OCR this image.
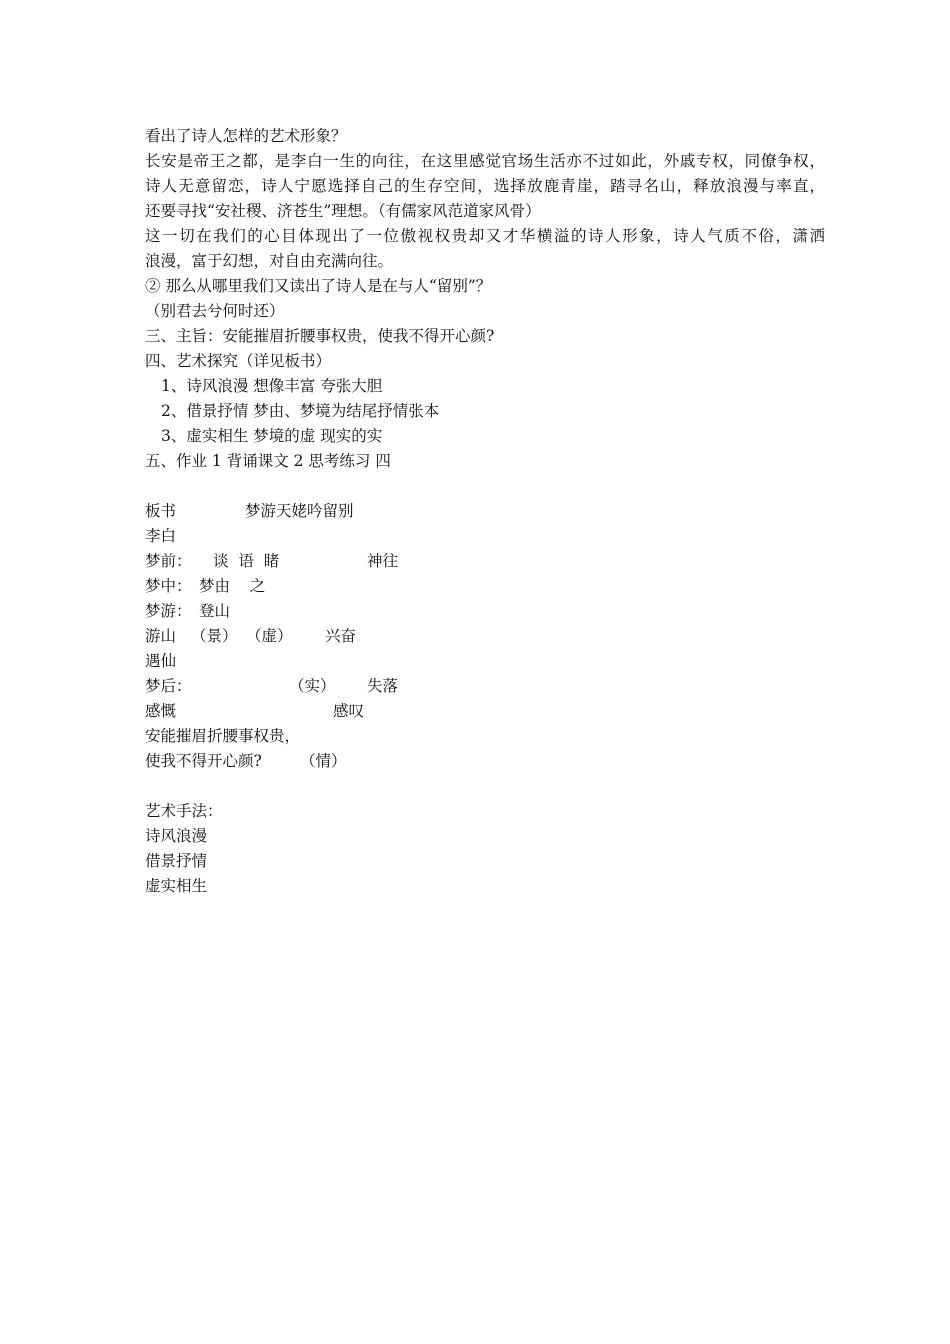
看出了诗人怎样的艺术形象？
长安是帝王之都，是李白一生的向往，在这里感觉官场生活亦不过如此，外戚专权，同僚争权，
诗人无意留恋，诗人宁愿选择自己的生存空间，选择放鹿青崖，踏寻名山，释放浪漫与率直，
还要寻找“安社稷、济苍生”理想。（有儒家风范道家风骨）
这一切在我们的心目体现出了一位傲视权贵却又才华横溢的诗人形象，诗人气质不俗，潇洒
浪漫，富于幻想，对自由充满向往。
② 那么从哪里我们又读出了诗人是在与人“留别”？
（别君去兮何时还）
三、主旨：安能摧眉折腰事权贵，使我不得开心颜?
四、艺术探究（详见板书）
1、诗风浪漫 想像丰富 夸张大胆
2、借景抒情 梦由、梦境为结尾抒情张本
3、虚实相生 梦境的虚 现实的实
五、作业 1 背诵课文 2 思考练习 四
板书	梦游天姥吟留别
李白
梦前： 谈  语  睹	神往
梦中： 梦由    之
梦游： 登山
游山 （景） （虚） 兴奋
遇仙
梦后：	（实） 失落
感慨	感叹
安能摧眉折腰事权贵，
使我不得开心颜? （情）
艺术手法：
诗风浪漫
借景抒情
虚实相生
